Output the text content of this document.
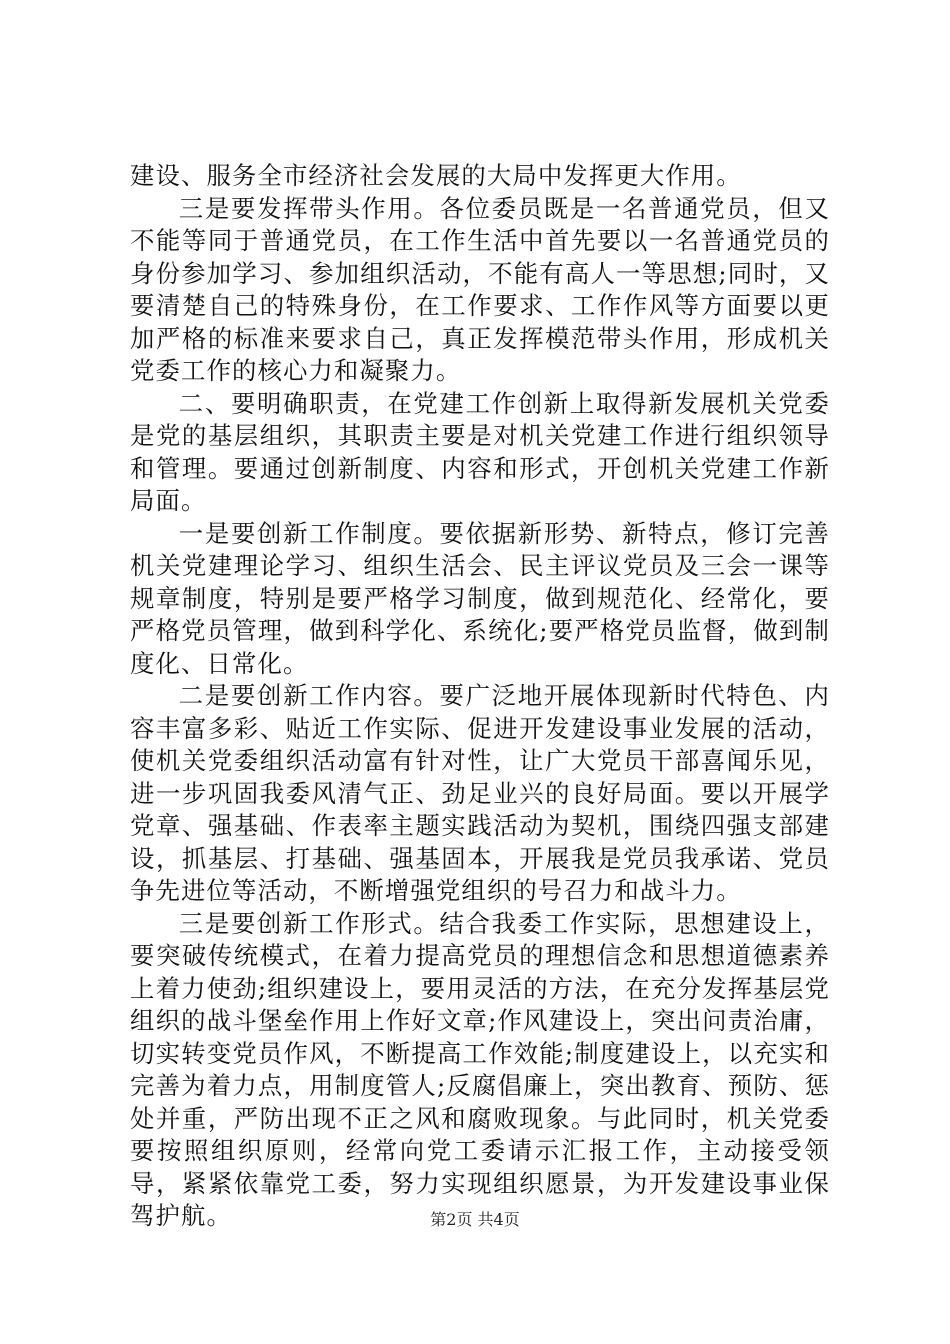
建设、服务全市经济社会发展的大局中发挥更大作用。

三是要发挥带头作用。各位委员既是一名普通党员，但又不能等同于普通党员，在工作生活中首先要以一名普通党员的身份参加学习、参加组织活动，不能有高人一等思想;同时，又要清楚自己的特殊身份，在工作要求、工作作风等方面要以更加严格的标准来要求自己，真正发挥模范带头作用，形成机关党委工作的核心力和凝聚力。

二、要明确职责，在党建工作创新上取得新发展机关党委是党的基层组织，其职责主要是对机关党建工作进行组织领导和管理。要通过创新制度、内容和形式，开创机关党建工作新局面。

一是要创新工作制度。要依据新形势、新特点，修订完善机关党建理论学习、组织生活会、民主评议党员及三会一课等规章制度，特别是要严格学习制度，做到规范化、经常化，要严格党员管理，做到科学化、系统化;要严格党员监督，做到制度化、日常化。

二是要创新工作内容。要广泛地开展体现新时代特色、内容丰富多彩、贴近工作实际、促进开发建设事业发展的活动，使机关党委组织活动富有针对性，让广大党员干部喜闻乐见，进一步巩固我委风清气正、劲足业兴的良好局面。要以开展学党章、强基础、作表率主题实践活动为契机，围绕四强支部建设，抓基层、打基础、强基固本，开展我是党员我承诺、党员争先进位等活动，不断增强党组织的号召力和战斗力。

三是要创新工作形式。结合我委工作实际，思想建设上，要突破传统模式，在着力提高党员的理想信念和思想道德素养上着力使劲;组织建设上，要用灵活的方法，在充分发挥基层党组织的战斗堡垒作用上作好文章;作风建设上，突出问责治庸，切实转变党员作风，不断提高工作效能;制度建设上，以充实和完善为着力点，用制度管人;反腐倡廉上，突出教育、预防、惩处并重，严防出现不正之风和腐败现象。与此同时，机关党委要按照组织原则，经常向党工委请示汇报工作，主动接受领导，紧紧依靠党工委，努力实现组织愿景，为开发建设事业保驾护航。	第2页 共4页
